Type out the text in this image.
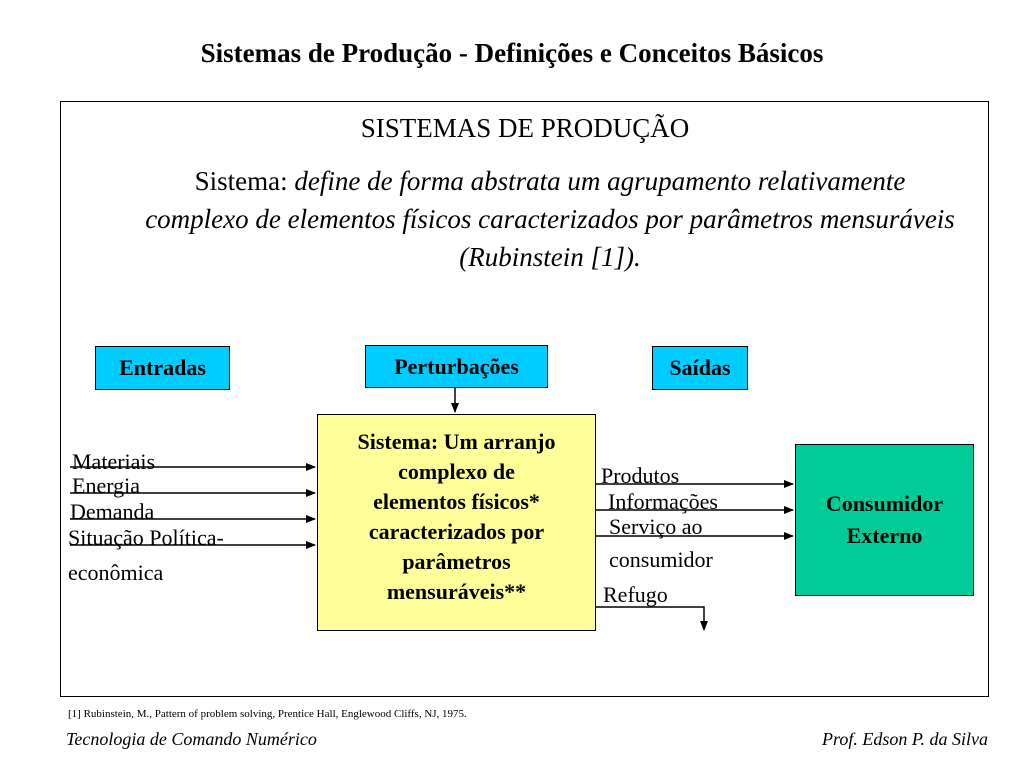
Sistemas de Produção - Definições e Conceitos Básicos
SISTEMAS DE PRODUÇÃO
Sistema: define de forma abstrata um agrupamento relativamente complexo de elementos físicos caracterizados por parâmetros mensuráveis (Rubinstein [1]).
Entradas	Perturbações	Saídas
Sistema: Um arranjo
complexo de
elementos físicos*
caracterizados por
parâmetros
mensuráveis**
Consumidor
Externo
Materiais
Energia
Demanda
Situação Política-
econômica
Produtos
Informações
Serviço ao
consumidor
Refugo
[1] Rubinstein, M., Pattern of problem solving, Prentice Hall, Englewood Cliffs, NJ, 1975.
Tecnologia de Comando Numérico	Prof. Edson P. da Silva
